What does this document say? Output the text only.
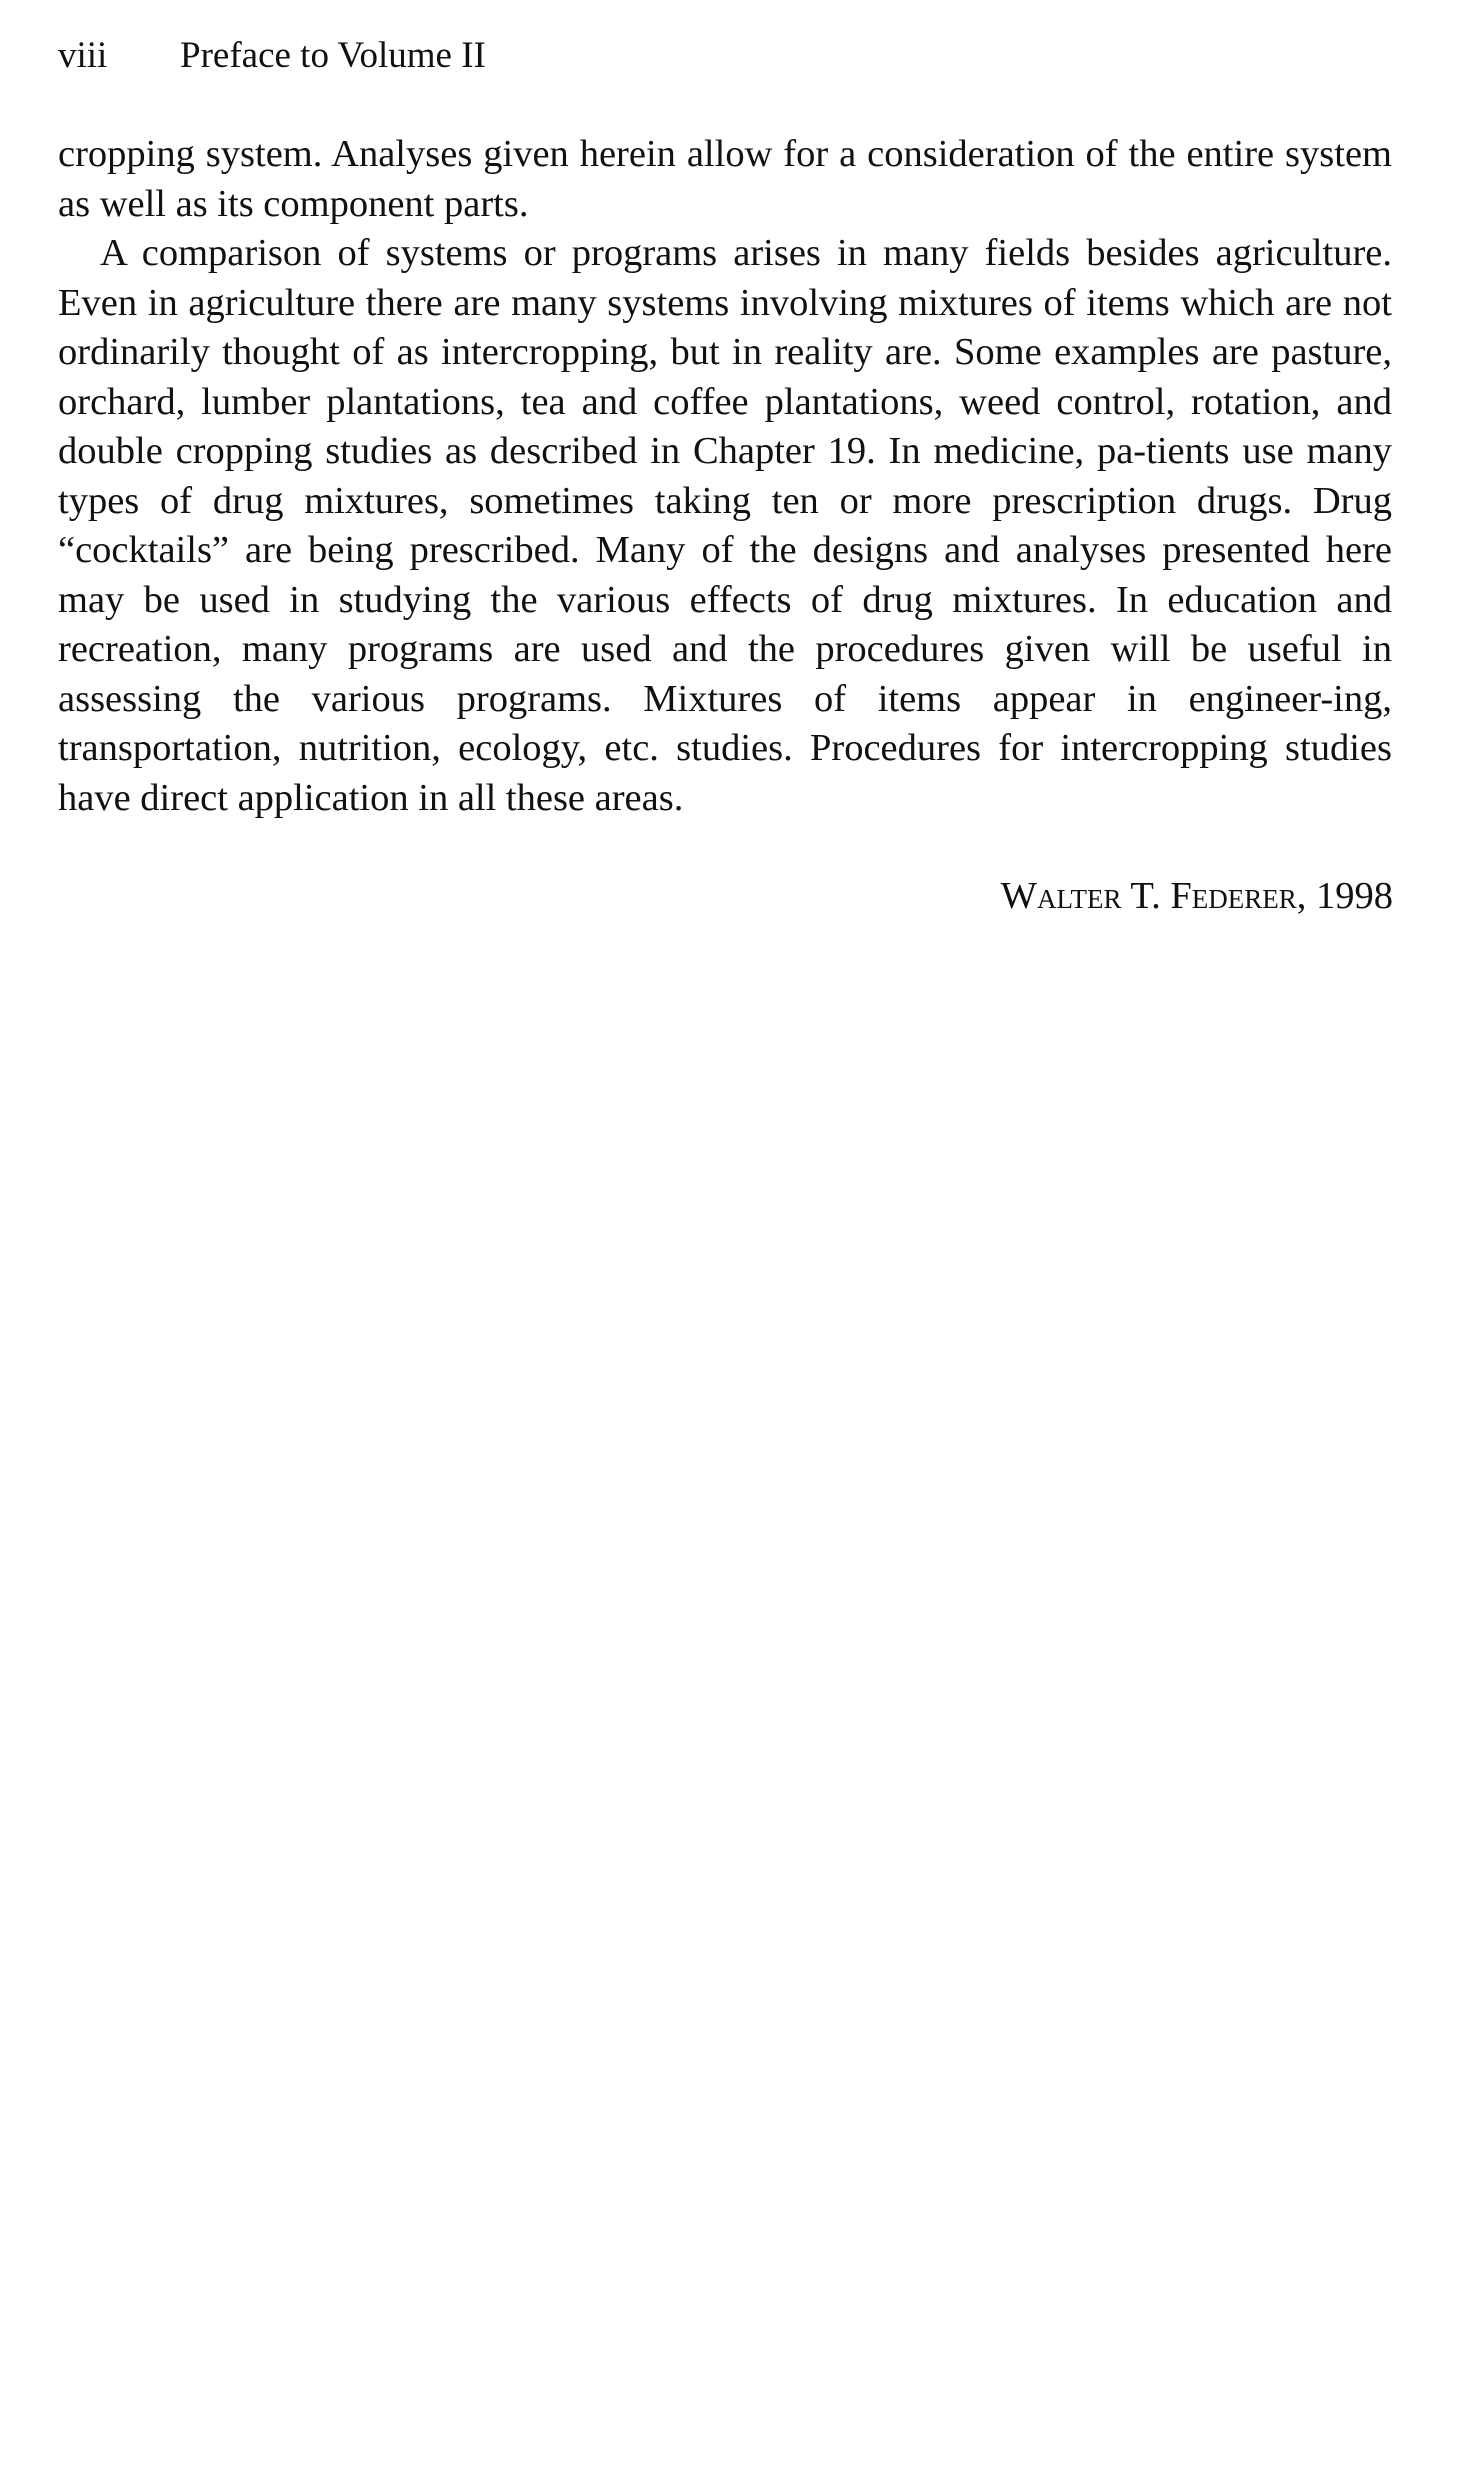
viii Preface to Volume II

cropping system. Analyses given herein allow for a consideration of the entire system as well as its component parts.

A comparison of systems or programs arises in many fields besides agriculture. Even in agriculture there are many systems involving mixtures of items which are not ordinarily thought of as intercropping, but in reality are. Some examples are pasture, orchard, lumber plantations, tea and coffee plantations, weed control, rotation, and double cropping studies as described in Chapter 19. In medicine, pa-tients use many types of drug mixtures, sometimes taking ten or more prescription drugs. Drug “cocktails” are being prescribed. Many of the designs and analyses presented here may be used in studying the various effects of drug mixtures. In education and recreation, many programs are used and the procedures given will be useful in assessing the various programs. Mixtures of items appear in engineer-ing, transportation, nutrition, ecology, etc. studies. Procedures for intercropping studies have direct application in all these areas.

Walter T. Federer, 1998
